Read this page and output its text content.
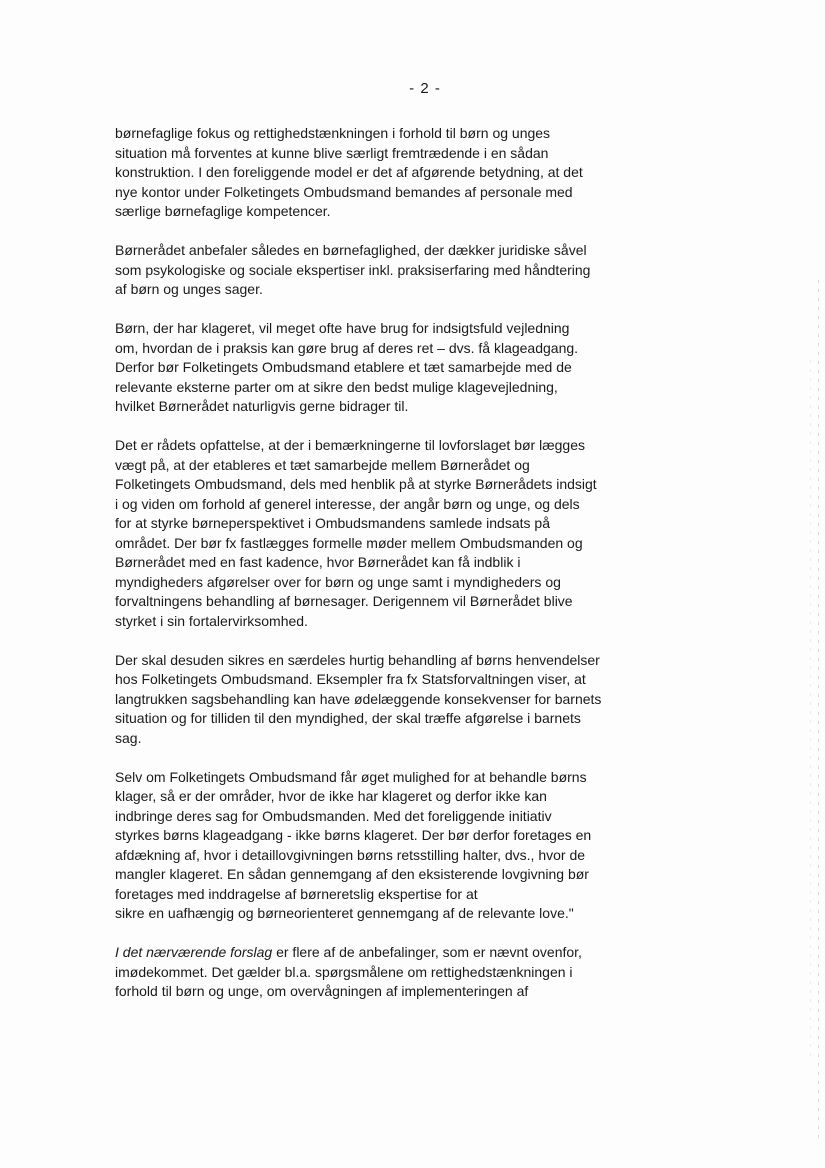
- 2 -

børnefaglige fokus og rettighedstænkningen i forhold til børn og unges
situation må forventes at kunne blive særligt fremtrædende i en sådan
konstruktion. I den foreliggende model er det af afgørende betydning, at det
nye kontor under Folketingets Ombudsmand bemandes af personale med
særlige børnefaglige kompetencer.

Børnerådet anbefaler således en børnefaglighed, der dækker juridiske såvel
som psykologiske og sociale ekspertiser inkl. praksiserfaring med håndtering
af børn og unges sager.

Børn, der har klageret, vil meget ofte have brug for indsigtsfuld vejledning
om, hvordan de i praksis kan gøre brug af deres ret – dvs. få klageadgang.
Derfor bør Folketingets Ombudsmand etablere et tæt samarbejde med de
relevante eksterne parter om at sikre den bedst mulige klagevejledning,
hvilket Børnerådet naturligvis gerne bidrager til.

Det er rådets opfattelse, at der i bemærkningerne til lovforslaget bør lægges
vægt på, at der etableres et tæt samarbejde mellem Børnerådet og
Folketingets Ombudsmand, dels med henblik på at styrke Børnerådets indsigt
i og viden om forhold af generel interesse, der angår børn og unge, og dels
for at styrke børneperspektivet i Ombudsmandens samlede indsats på
området. Der bør fx fastlægges formelle møder mellem Ombudsmanden og
Børnerådet med en fast kadence, hvor Børnerådet kan få indblik i
myndigheders afgørelser over for børn og unge samt i myndigheders og
forvaltningens behandling af børnesager. Derigennem vil Børnerådet blive
styrket i sin fortalervirksomhed.

Der skal desuden sikres en særdeles hurtig behandling af børns henvendelser
hos Folketingets Ombudsmand. Eksempler fra fx Statsforvaltningen viser, at
langtrukken sagsbehandling kan have ødelæggende konsekvenser for barnets
situation og for tilliden til den myndighed, der skal træffe afgørelse i barnets
sag.

Selv om Folketingets Ombudsmand får øget mulighed for at behandle børns
klager, så er der områder, hvor de ikke har klageret og derfor ikke kan
indbringe deres sag for Ombudsmanden. Med det foreliggende initiativ
styrkes børns klageadgang - ikke børns klageret. Der bør derfor foretages en
afdækning af, hvor i detaillovgivningen børns retsstilling halter, dvs., hvor de
mangler klageret. En sådan gennemgang af den eksisterende lovgivning bør
foretages med inddragelse af børneretslig ekspertise for at
sikre en uafhængig og børneorienteret gennemgang af de relevante love."

I det nærværende forslag er flere af de anbefalinger, som er nævnt ovenfor,
imødekommet. Det gælder bl.a. spørgsmålene om rettighedstænkningen i
forhold til børn og unge, om overvågningen af implementeringen af
